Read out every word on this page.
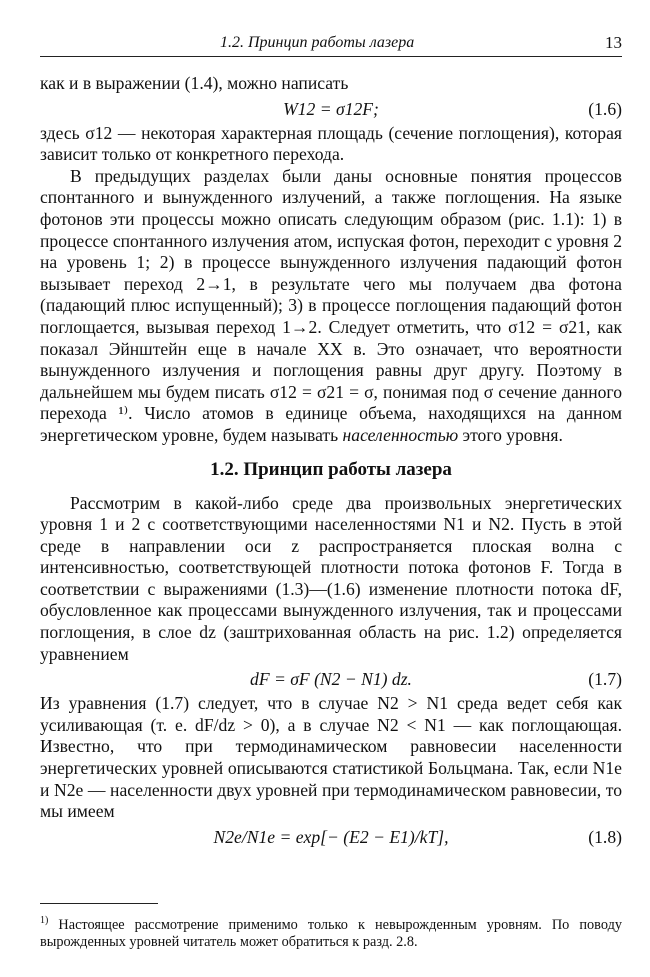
1.2. Принцип работы лазера	13

как и в выражении (1.4), можно написать

W12 = σ12F;	(1.6)

здесь σ12 — некоторая характерная площадь (сечение поглощения), которая зависит только от конкретного перехода.

В предыдущих разделах были даны основные понятия процессов спонтанного и вынужденного излучений, а также поглощения. На языке фотонов эти процессы можно описать следующим образом (рис. 1.1): 1) в процессе спонтанного излучения атом, испуская фотон, переходит с уровня 2 на уровень 1; 2) в процессе вынужденного излучения падающий фотон вызывает переход 2→1, в результате чего мы получаем два фотона (падающий плюс испущенный); 3) в процессе поглощения падающий фотон поглощается, вызывая переход 1→2. Следует отметить, что σ12 = σ21, как показал Эйнштейн еще в начале XX в. Это означает, что вероятности вынужденного излучения и поглощения равны друг другу. Поэтому в дальнейшем мы будем писать σ12 = σ21 = σ, понимая под σ сечение данного перехода ¹⁾. Число атомов в единице объема, находящихся на данном энергетическом уровне, будем называть населенностью этого уровня.

1.2. Принцип работы лазера

Рассмотрим в какой-либо среде два произвольных энергетических уровня 1 и 2 с соответствующими населенностями N1 и N2. Пусть в этой среде в направлении оси z распространяется плоская волна с интенсивностью, соответствующей плотности потока фотонов F. Тогда в соответствии с выражениями (1.3)—(1.6) изменение плотности потока dF, обусловленное как процессами вынужденного излучения, так и процессами поглощения, в слое dz (заштрихованная область на рис. 1.2) определяется уравнением

dF = σF (N2 − N1) dz.	(1.7)

Из уравнения (1.7) следует, что в случае N2 > N1 среда ведет себя как усиливающая (т. е. dF/dz > 0), а в случае N2 < N1 — как поглощающая. Известно, что при термодинамическом равновесии населенности энергетических уровней описываются статистикой Больцмана. Так, если N1e и N2e — населенности двух уровней при термодинамическом равновесии, то мы имеем

N2e/N1e = exp[− (E2 − E1)/kT],	(1.8)
$^{1)}$ Настоящее рассмотрение применимо только к невырожденным уровням. По поводу вырожденных уровней читатель может обратиться к разд. 2.8.
